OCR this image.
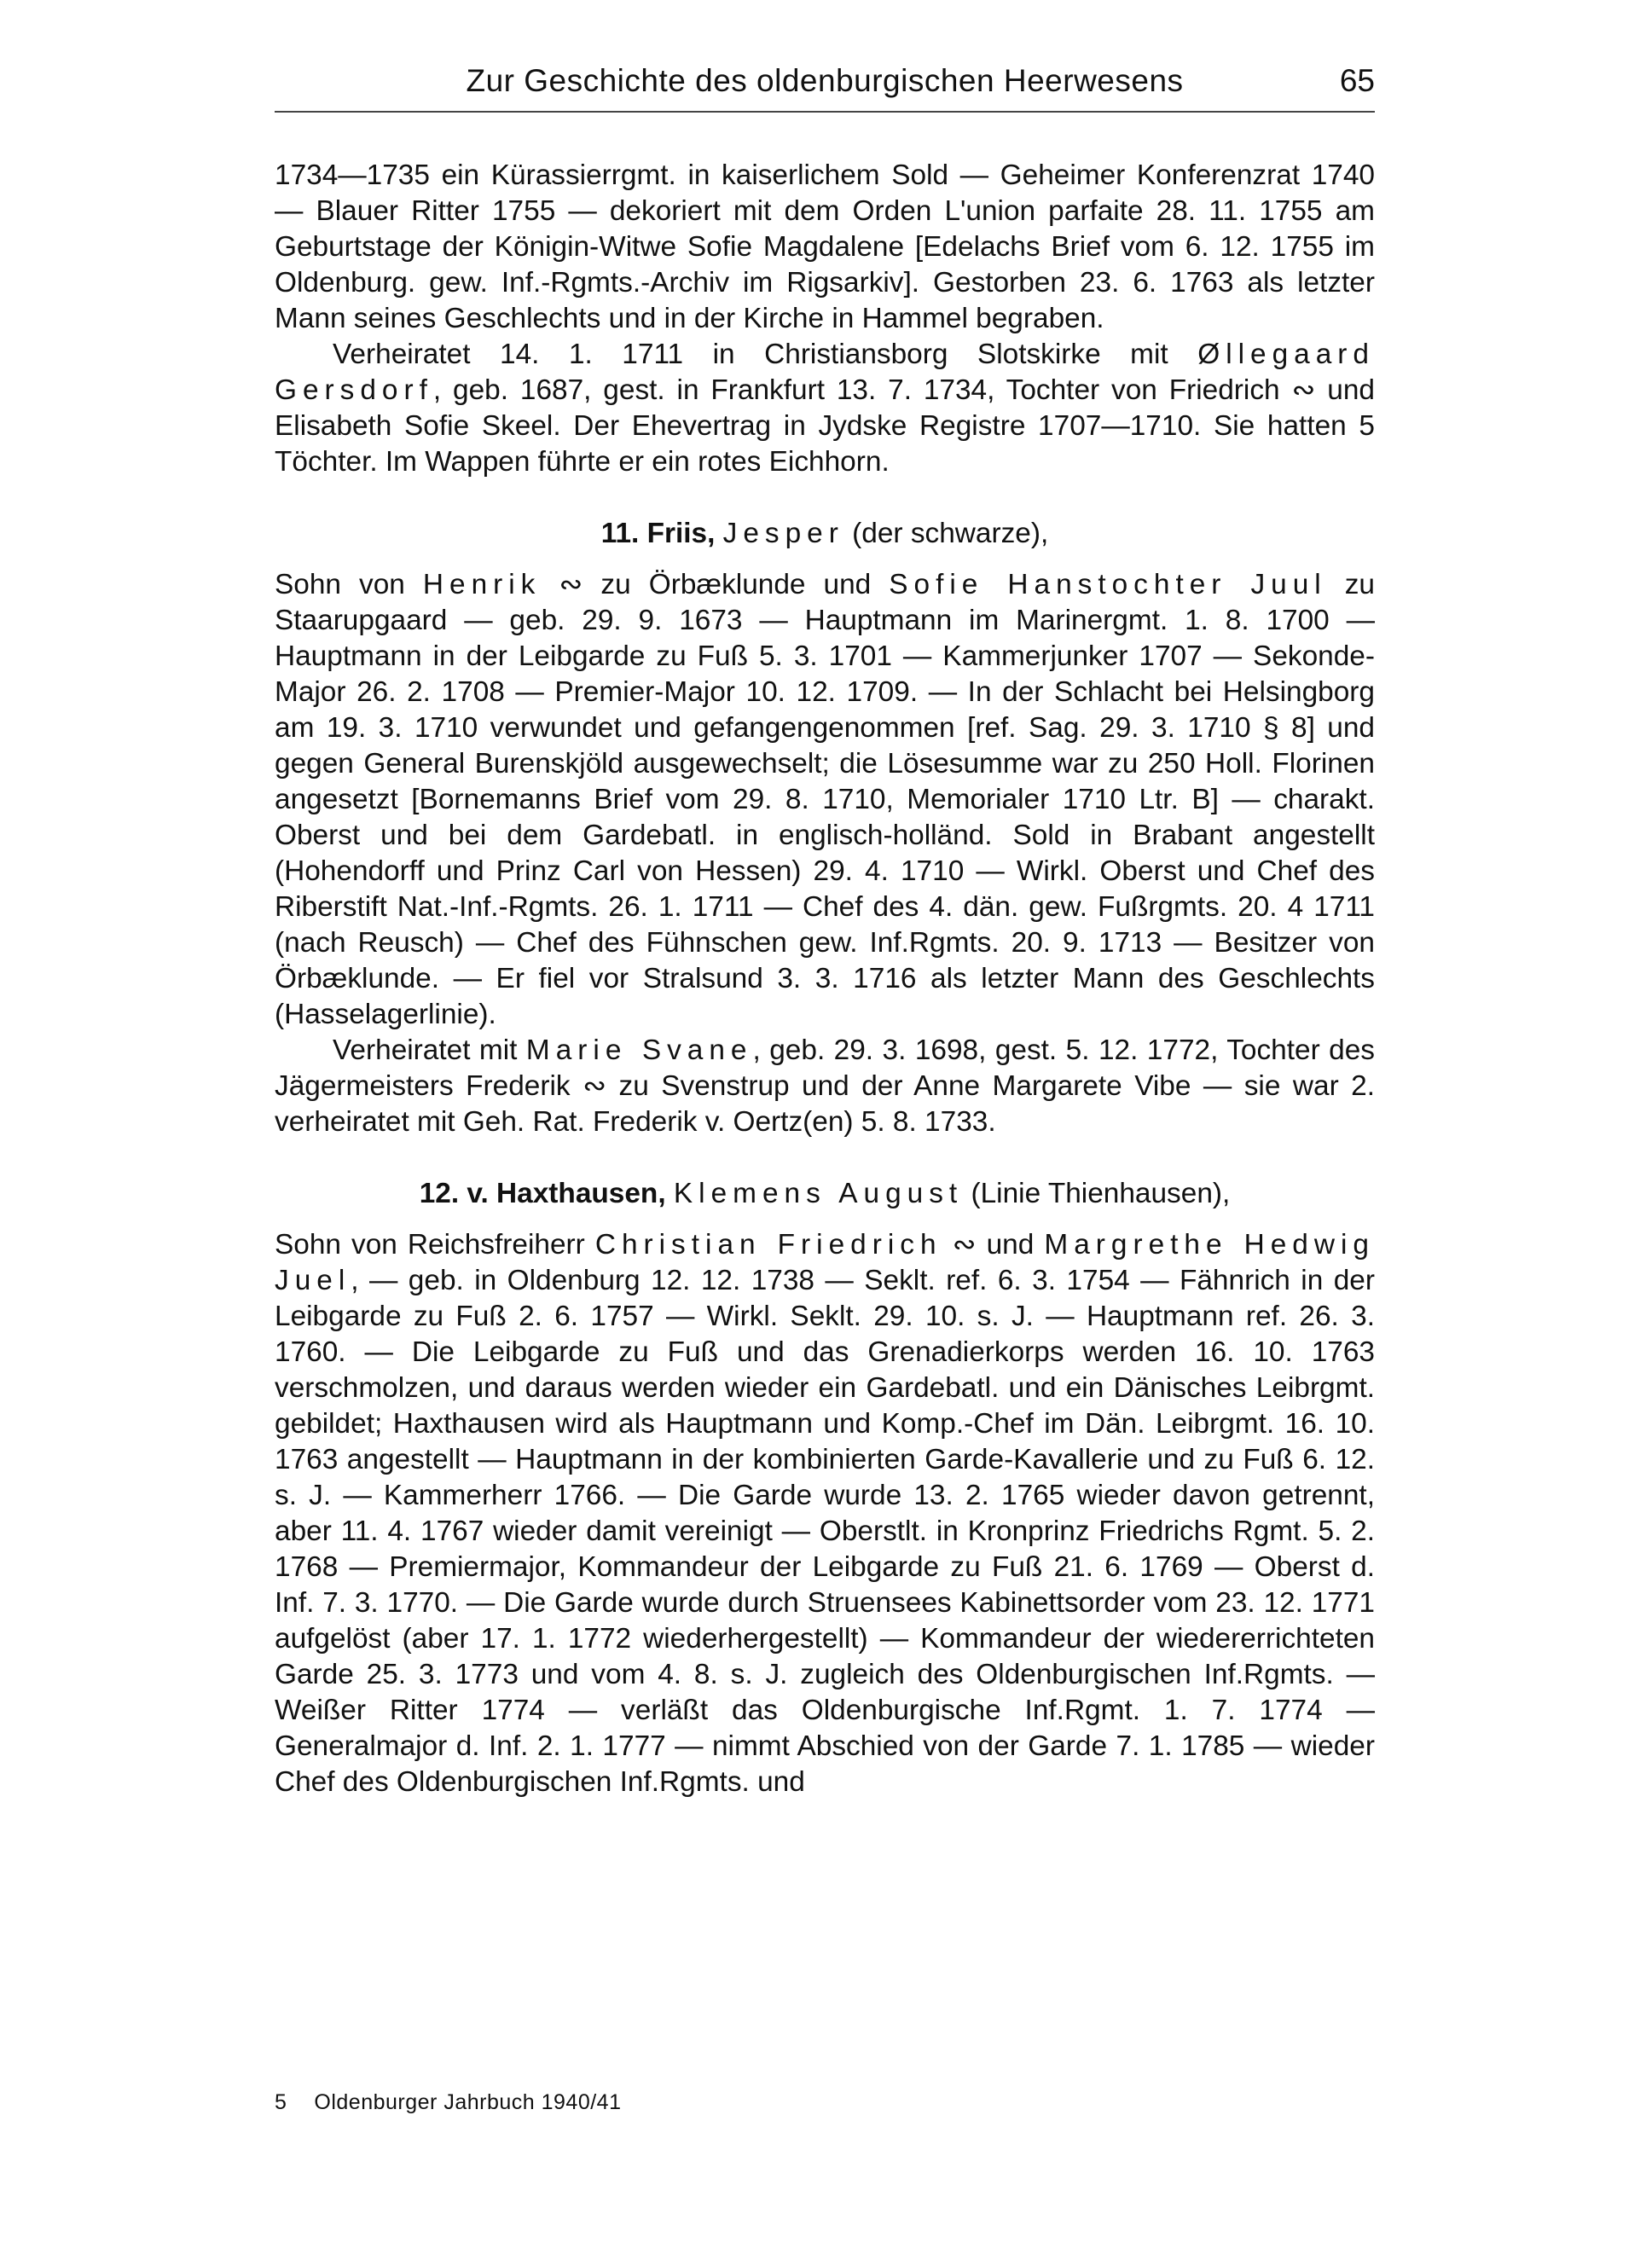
Zur Geschichte des oldenburgischen Heerwesens	65

1734—1735 ein Kürassierrgmt. in kaiserlichem Sold — Geheimer Konferenzrat 1740 — Blauer Ritter 1755 — dekoriert mit dem Orden L'union parfaite 28. 11. 1755 am Geburtstage der Königin-Witwe Sofie Magdalene [Edelachs Brief vom 6. 12. 1755 im Oldenburg. gew. Inf.-Rgmts.-Archiv im Rigsarkiv]. Gestorben 23. 6. 1763 als letzter Mann seines Geschlechts und in der Kirche in Hammel begraben.

Verheiratet 14. 1. 1711 in Christiansborg Slotskirke mit Øllegaard Gersdorf, geb. 1687, gest. in Frankfurt 13. 7. 1734, Tochter von Friedrich ∾ und Elisabeth Sofie Skeel. Der Ehevertrag in Jydske Registre 1707—1710. Sie hatten 5 Töchter. Im Wappen führte er ein rotes Eichhorn.

11. Friis, Jesper (der schwarze),

Sohn von Henrik ∾ zu Örbæklunde und Sofie Hanstochter Juul zu Staarupgaard — geb. 29. 9. 1673 — Hauptmann im Marinergmt. 1. 8. 1700 — Hauptmann in der Leibgarde zu Fuß 5. 3. 1701 — Kammerjunker 1707 — Sekonde-Major 26. 2. 1708 — Premier-Major 10. 12. 1709. — In der Schlacht bei Helsingborg am 19. 3. 1710 verwundet und gefangengenommen [ref. Sag. 29. 3. 1710 § 8] und gegen General Burenskjöld ausgewechselt; die Lösesumme war zu 250 Holl. Florinen angesetzt [Bornemanns Brief vom 29. 8. 1710, Memorialer 1710 Ltr. B] — charakt. Oberst und bei dem Gardebatl. in englisch-holländ. Sold in Brabant angestellt (Hohendorff und Prinz Carl von Hessen) 29. 4. 1710 — Wirkl. Oberst und Chef des Riberstift Nat.-Inf.-Rgmts. 26. 1. 1711 — Chef des 4. dän. gew. Fußrgmts. 20. 4 1711 (nach Reusch) — Chef des Fühnschen gew. Inf.Rgmts. 20. 9. 1713 — Besitzer von Örbæklunde. — Er fiel vor Stralsund 3. 3. 1716 als letzter Mann des Geschlechts (Hasselagerlinie).

Verheiratet mit Marie Svane, geb. 29. 3. 1698, gest. 5. 12. 1772, Tochter des Jägermeisters Frederik ∾ zu Svenstrup und der Anne Margarete Vibe — sie war 2. verheiratet mit Geh. Rat. Frederik v. Oertz(en) 5. 8. 1733.

12. v. Haxthausen, Klemens August (Linie Thienhausen),

Sohn von Reichsfreiherr Christian Friedrich ∾ und Margrethe Hedwig Juel, — geb. in Oldenburg 12. 12. 1738 — Seklt. ref. 6. 3. 1754 — Fähnrich in der Leibgarde zu Fuß 2. 6. 1757 — Wirkl. Seklt. 29. 10. s. J. — Hauptmann ref. 26. 3. 1760. — Die Leibgarde zu Fuß und das Grenadierkorps werden 16. 10. 1763 verschmolzen, und daraus werden wieder ein Gardebatl. und ein Dänisches Leibrgmt. gebildet; Haxthausen wird als Hauptmann und Komp.-Chef im Dän. Leibrgmt. 16. 10. 1763 angestellt — Hauptmann in der kombinierten Garde-Kavallerie und zu Fuß 6. 12. s. J. — Kammerherr 1766. — Die Garde wurde 13. 2. 1765 wieder davon getrennt, aber 11. 4. 1767 wieder damit vereinigt — Oberstlt. in Kronprinz Friedrichs Rgmt. 5. 2. 1768 — Premiermajor, Kommandeur der Leibgarde zu Fuß 21. 6. 1769 — Oberst d. Inf. 7. 3. 1770. — Die Garde wurde durch Struensees Kabinettsorder vom 23. 12. 1771 aufgelöst (aber 17. 1. 1772 wiederhergestellt) — Kommandeur der wiedererrichteten Garde 25. 3. 1773 und vom 4. 8. s. J. zugleich des Oldenburgischen Inf.Rgmts. — Weißer Ritter 1774 — verläßt das Oldenburgische Inf.Rgmt. 1. 7. 1774 — Generalmajor d. Inf. 2. 1. 1777 — nimmt Abschied von der Garde 7. 1. 1785 — wieder Chef des Oldenburgischen Inf.Rgmts. und

5 Oldenburger Jahrbuch 1940/41
